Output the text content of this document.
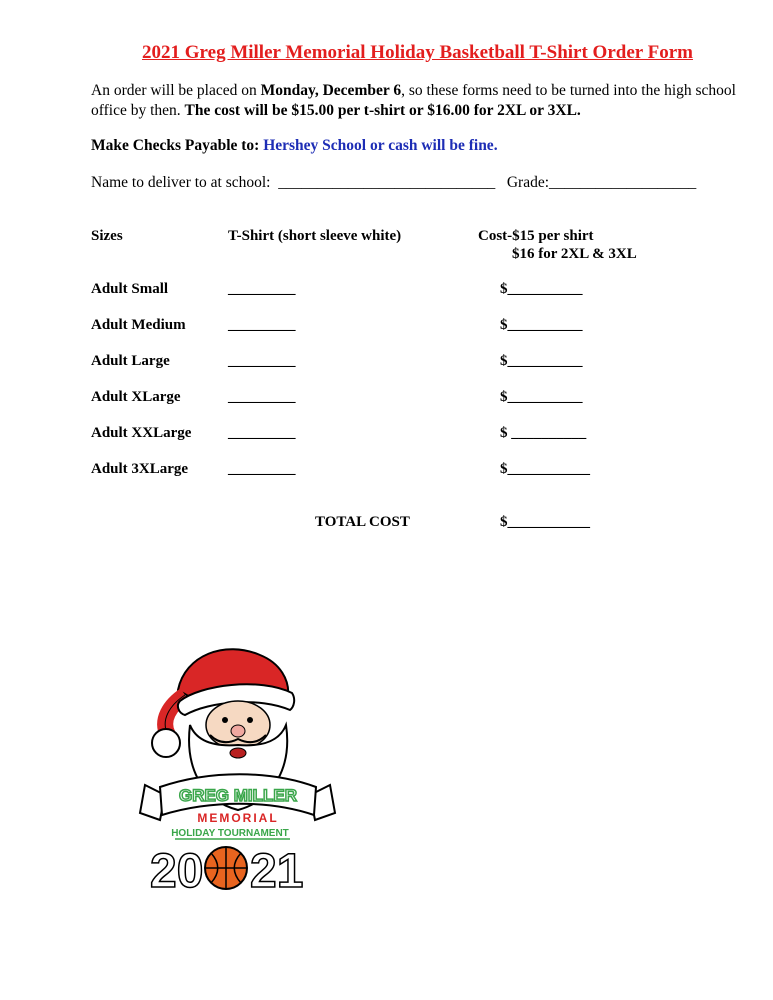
2021 Greg Miller Memorial Holiday Basketball T-Shirt Order Form
An order will be placed on Monday, December 6, so these forms need to be turned into the high school office by then. The cost will be $15.00 per t-shirt or $16.00 for 2XL or 3XL.
Make Checks Payable to: Hershey School or cash will be fine.
Name to deliver to at school:  ____________________________   Grade:___________________
Sizes	T-Shirt (short sleeve white)	Cost-$15 per shirt
$16 for 2XL & 3XL
Adult Small	_________	$__________
Adult Medium	_________	$__________
Adult Large	_________	$__________
Adult XLarge	_________	$__________
Adult XXLarge _________	$ __________
Adult 3XLarge	_________	$___________
TOTAL COST	$___________
GREG MILLER
MEMORIAL
HOLIDAY TOURNAMENT
20 21
